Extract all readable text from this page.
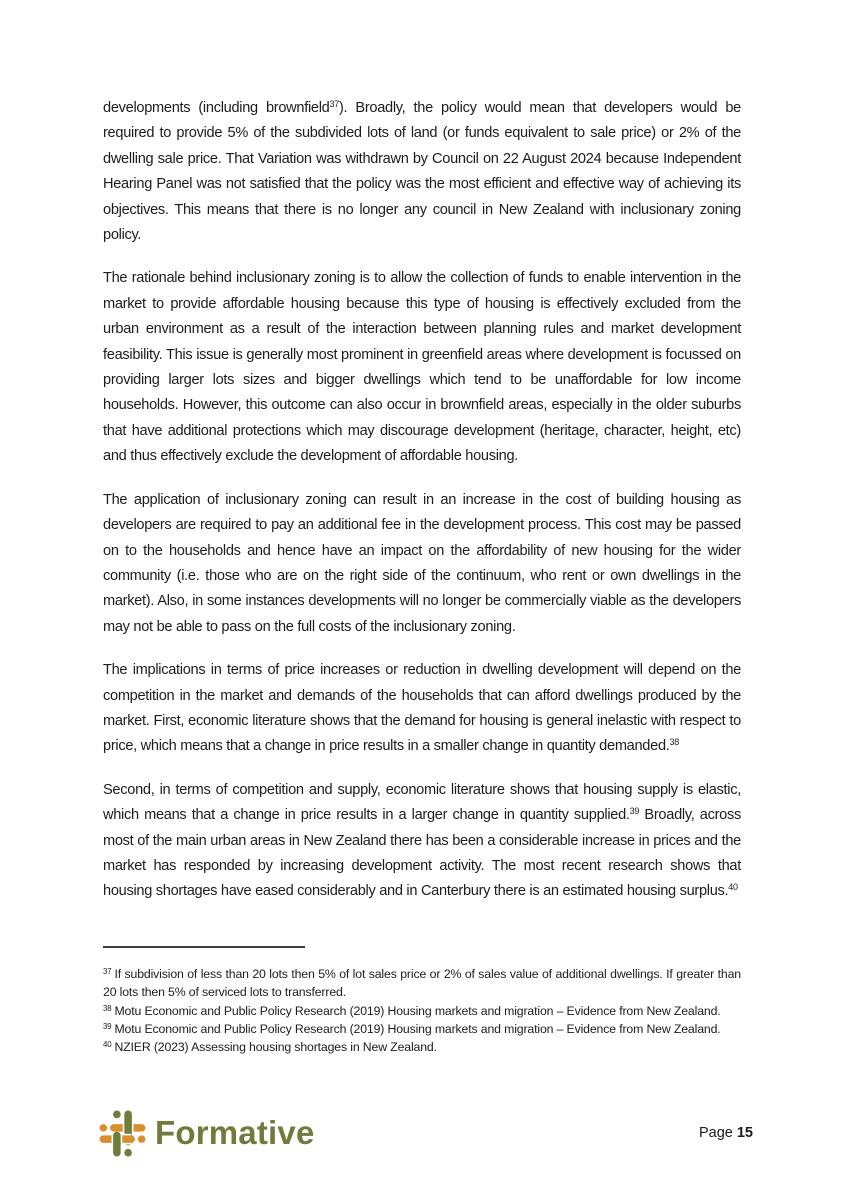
developments (including brownfield$^{37}$). Broadly, the policy would mean that developers would be required to provide 5% of the subdivided lots of land (or funds equivalent to sale price) or 2% of the dwelling sale price. That Variation was withdrawn by Council on 22 August 2024 because Independent Hearing Panel was not satisfied that the policy was the most efficient and effective way of achieving its objectives. This means that there is no longer any council in New Zealand with inclusionary zoning policy.

The rationale behind inclusionary zoning is to allow the collection of funds to enable intervention in the market to provide affordable housing because this type of housing is effectively excluded from the urban environment as a result of the interaction between planning rules and market development feasibility. This issue is generally most prominent in greenfield areas where development is focussed on providing larger lots sizes and bigger dwellings which tend to be unaffordable for low income households. However, this outcome can also occur in brownfield areas, especially in the older suburbs that have additional protections which may discourage development (heritage, character, height, etc) and thus effectively exclude the development of affordable housing.

The application of inclusionary zoning can result in an increase in the cost of building housing as developers are required to pay an additional fee in the development process. This cost may be passed on to the households and hence have an impact on the affordability of new housing for the wider community (i.e. those who are on the right side of the continuum, who rent or own dwellings in the market). Also, in some instances developments will no longer be commercially viable as the developers may not be able to pass on the full costs of the inclusionary zoning.

The implications in terms of price increases or reduction in dwelling development will depend on the competition in the market and demands of the households that can afford dwellings produced by the market. First, economic literature shows that the demand for housing is general inelastic with respect to price, which means that a change in price results in a smaller change in quantity demanded.$^{38}$

Second, in terms of competition and supply, economic literature shows that housing supply is elastic, which means that a change in price results in a larger change in quantity supplied.$^{39}$ Broadly, across most of the main urban areas in New Zealand there has been a considerable increase in prices and the market has responded by increasing development activity. The most recent research shows that housing shortages have eased considerably and in Canterbury there is an estimated housing surplus.$^{40}$

$^{37}$ If subdivision of less than 20 lots then 5% of lot sales price or 2% of sales value of additional dwellings. If greater than 20 lots then 5% of serviced lots to transferred.

$^{38}$ Motu Economic and Public Policy Research (2019) Housing markets and migration – Evidence from New Zealand.

$^{39}$ Motu Economic and Public Policy Research (2019) Housing markets and migration – Evidence from New Zealand.

$^{40}$ NZIER (2023) Assessing housing shortages in New Zealand.

Formative	Page 15
